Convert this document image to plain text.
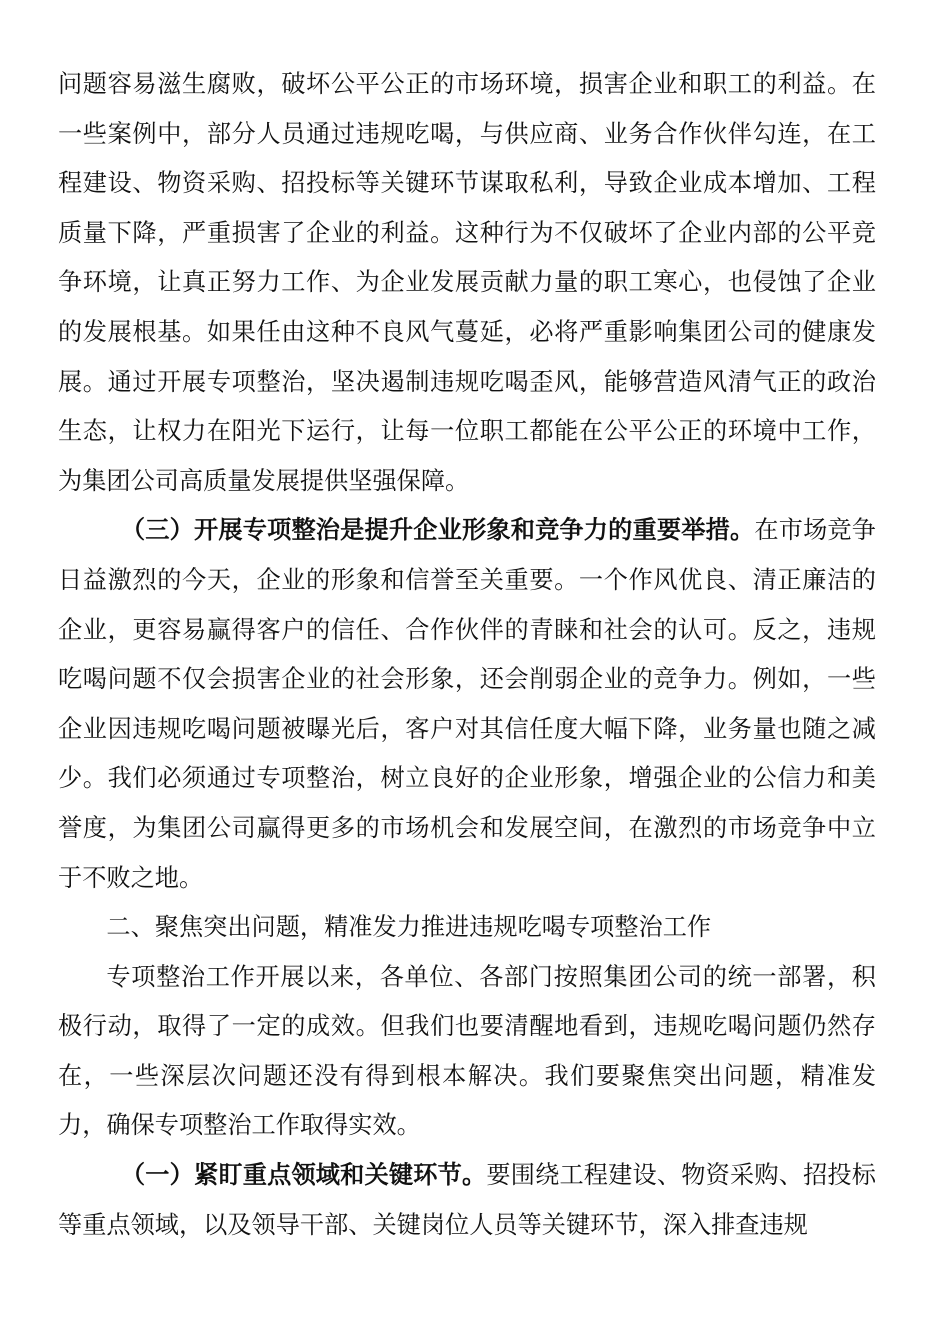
问题容易滋生腐败，破坏公平公正的市场环境，损害企业和职工的利益。在一些案例中，部分人员通过违规吃喝，与供应商、业务合作伙伴勾连，在工程建设、物资采购、招投标等关键环节谋取私利，导致企业成本增加、工程质量下降，严重损害了企业的利益。这种行为不仅破坏了企业内部的公平竞争环境，让真正努力工作、为企业发展贡献力量的职工寒心，也侵蚀了企业的发展根基。如果任由这种不良风气蔓延，必将严重影响集团公司的健康发展。通过开展专项整治，坚决遏制违规吃喝歪风，能够营造风清气正的政治生态，让权力在阳光下运行，让每一位职工都能在公平公正的环境中工作，为集团公司高质量发展提供坚强保障。

（三）开展专项整治是提升企业形象和竞争力的重要举措。在市场竞争日益激烈的今天，企业的形象和信誉至关重要。一个作风优良、清正廉洁的企业，更容易赢得客户的信任、合作伙伴的青睐和社会的认可。反之，违规吃喝问题不仅会损害企业的社会形象，还会削弱企业的竞争力。例如，一些企业因违规吃喝问题被曝光后，客户对其信任度大幅下降，业务量也随之减少。我们必须通过专项整治，树立良好的企业形象，增强企业的公信力和美誉度，为集团公司赢得更多的市场机会和发展空间，在激烈的市场竞争中立于不败之地。

二、聚焦突出问题，精准发力推进违规吃喝专项整治工作

专项整治工作开展以来，各单位、各部门按照集团公司的统一部署，积极行动，取得了一定的成效。但我们也要清醒地看到，违规吃喝问题仍然存在，一些深层次问题还没有得到根本解决。我们要聚焦突出问题，精准发力，确保专项整治工作取得实效。

（一）紧盯重点领域和关键环节。要围绕工程建设、物资采购、招投标等重点领域，以及领导干部、关键岗位人员等关键环节，深入排查违规
